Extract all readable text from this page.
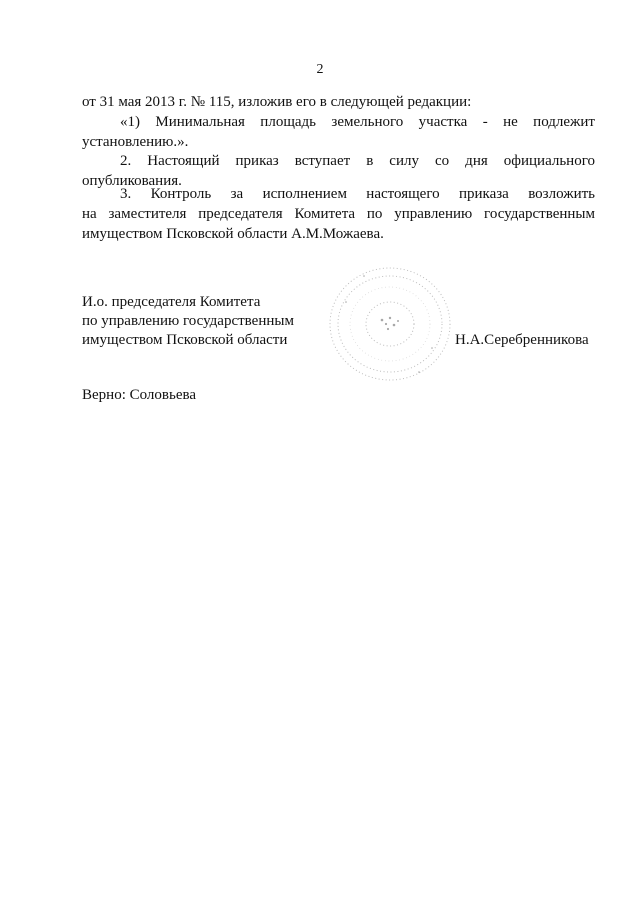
2
от 31 мая 2013 г. № 115, изложив его в следующей редакции:
«1) Минимальная площадь земельного участка - не подлежит
установлению.».
2. Настоящий приказ вступает в силу со дня официального
опубликования.
3. Контроль за исполнением настоящего приказа возложить
на заместителя председателя Комитета по управлению государственным
имуществом Псковской области А.М.Можаева.
И.о. председателя Комитета
по управлению государственным
имуществом Псковской области	Н.А.Серебренникова
Верно: Соловьева
